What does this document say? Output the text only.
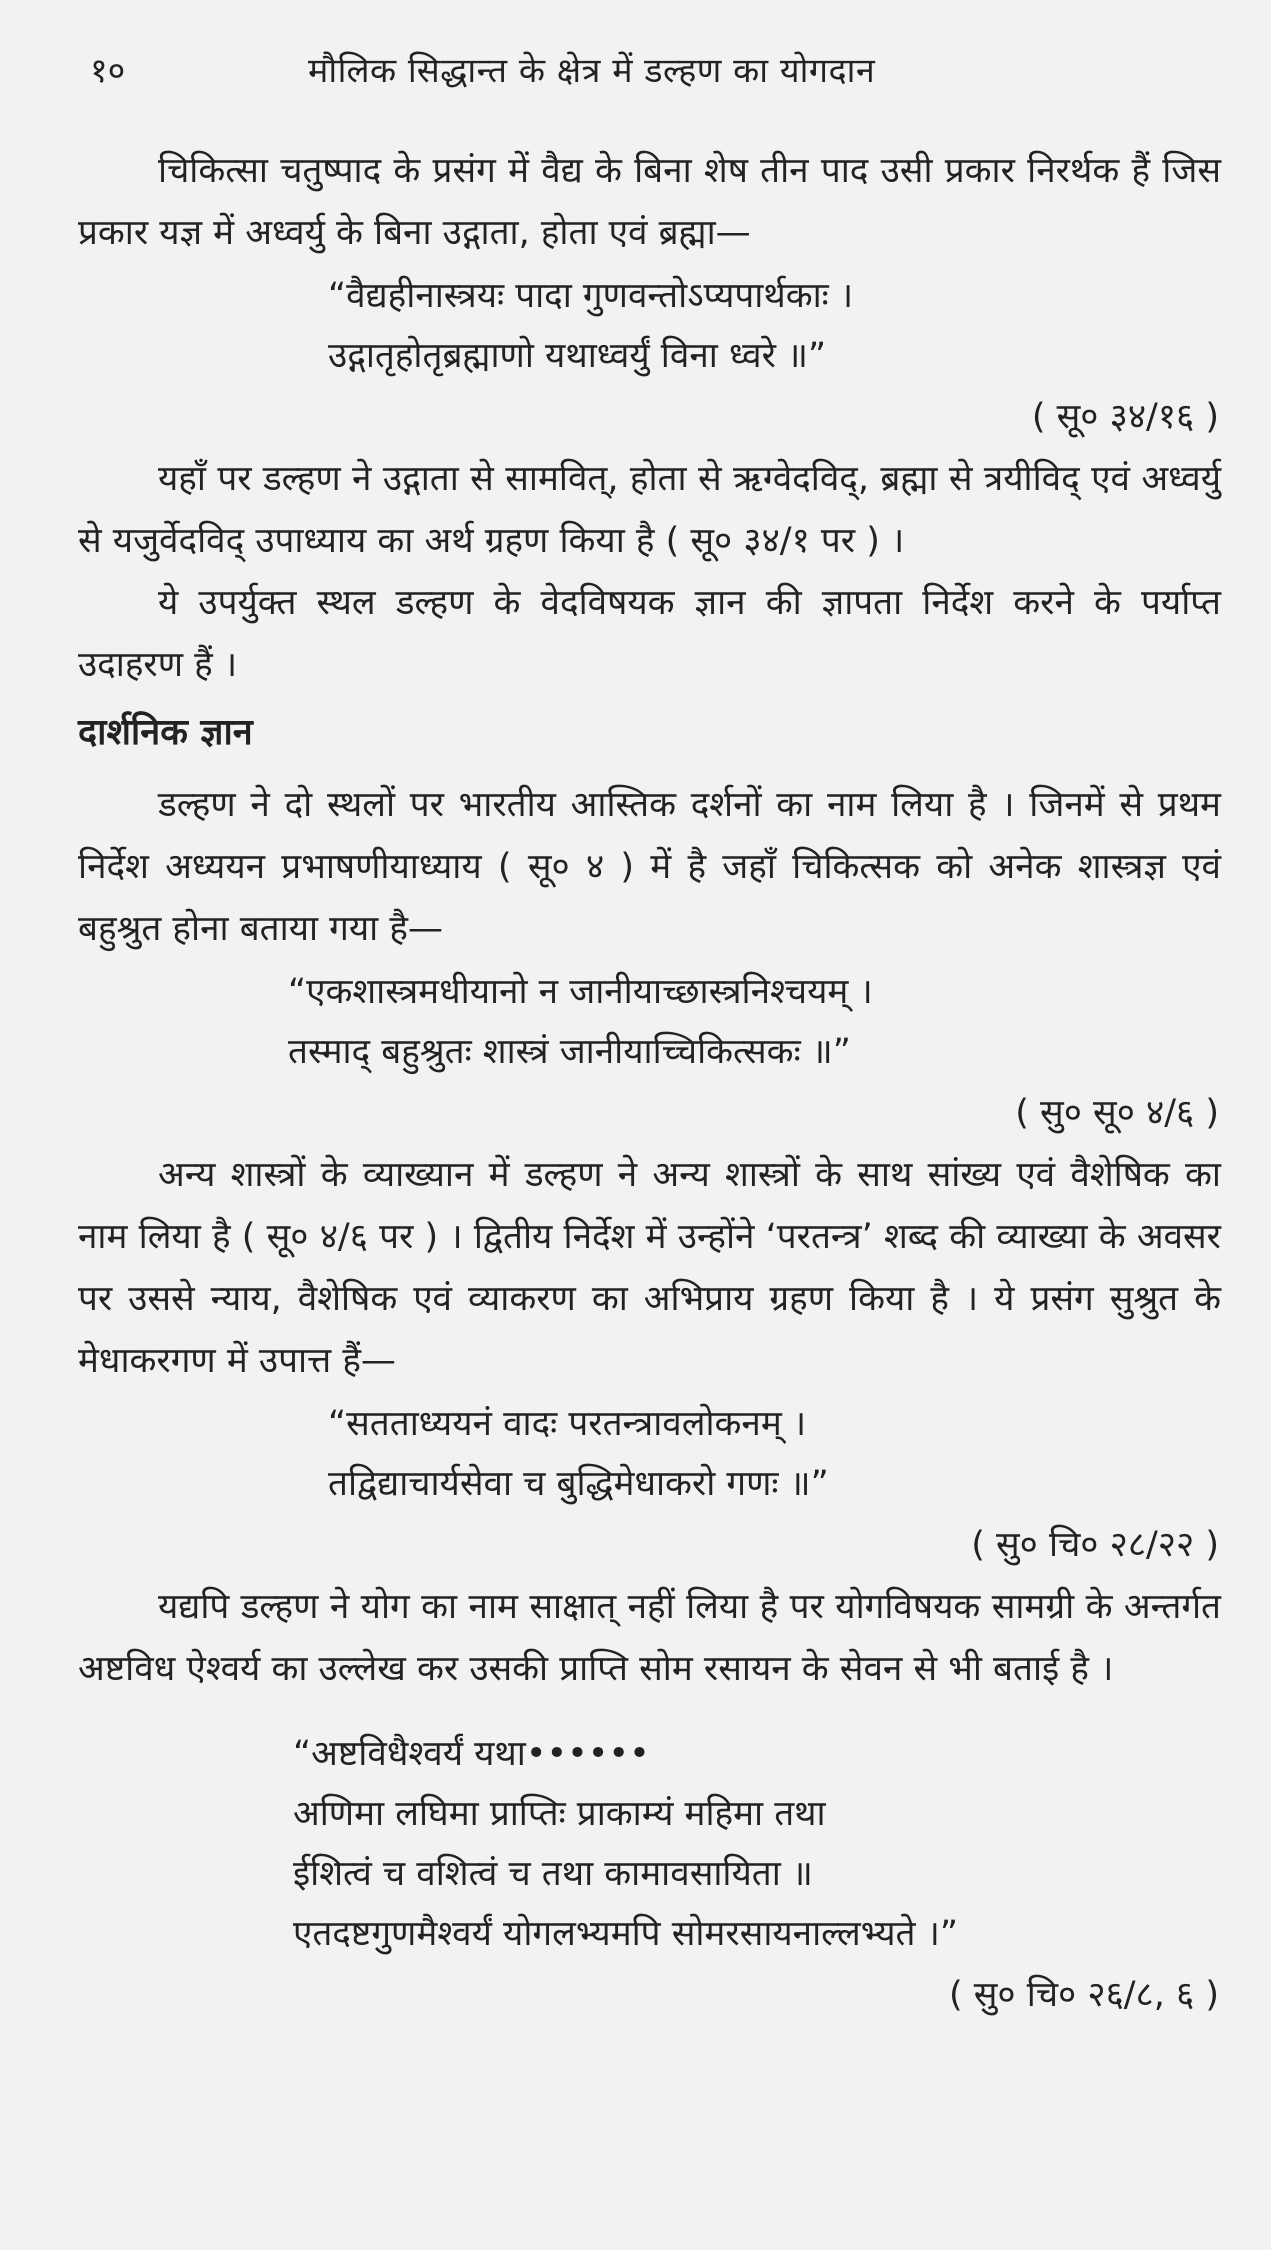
१०	मौलिक सिद्धान्त के क्षेत्र में डल्हण का योगदान

चिकित्सा चतुष्पाद के प्रसंग में वैद्य के बिना शेष तीन पाद उसी प्रकार निरर्थक हैं जिस प्रकार यज्ञ में अध्वर्यु के बिना उद्गाता, होता एवं ब्रह्मा—

“वैद्यहीनास्त्रयः पादा गुणवन्तोऽप्यपार्थकाः ।
उद्गातृहोतृब्रह्माणो यथाध्वर्युं विना ध्वरे ॥”
( सू० ३४/१६ )

यहाँ पर डल्हण ने उद्गाता से सामवित्, होता से ऋग्वेदविद्, ब्रह्मा से त्रयीविद् एवं अध्वर्यु से यजुर्वेदविद् उपाध्याय का अर्थ ग्रहण किया है ( सू० ३४/१ पर ) ।

ये उपर्युक्त स्थल डल्हण के वेदविषयक ज्ञान की ज्ञापता निर्देश करने के पर्याप्त उदाहरण हैं ।

दार्शनिक ज्ञान

डल्हण ने दो स्थलों पर भारतीय आस्तिक दर्शनों का नाम लिया है । जिनमें से प्रथम निर्देश अध्ययन प्रभाषणीयाध्याय ( सू० ४ ) में है जहाँ चिकित्सक को अनेक शास्त्रज्ञ एवं बहुश्रुत होना बताया गया है—

“एकशास्त्रमधीयानो न जानीयाच्छास्त्रनिश्चयम् ।
तस्माद् बहुश्रुतः शास्त्रं जानीयाच्चिकित्सकः ॥”
( सु० सू० ४/६ )

अन्य शास्त्रों के व्याख्यान में डल्हण ने अन्य शास्त्रों के साथ सांख्य एवं वैशेषिक का नाम लिया है ( सू० ४/६ पर ) । द्वितीय निर्देश में उन्होंने ‘परतन्त्र’ शब्द की व्याख्या के अवसर पर उससे न्याय, वैशेषिक एवं व्याकरण का अभिप्राय ग्रहण किया है । ये प्रसंग सुश्रुत के मेधाकरगण में उपात्त हैं—

“सतताध्ययनं वादः परतन्त्रावलोकनम् ।
तद्विद्याचार्यसेवा च बुद्धिमेधाकरो गणः ॥”
( सु० चि० २८/२२ )

यद्यपि डल्हण ने योग का नाम साक्षात् नहीं लिया है पर योगविषयक सामग्री के अन्तर्गत अष्टविध ऐश्वर्य का उल्लेख कर उसकी प्राप्ति सोम रसायन के सेवन से भी बताई है ।

“अष्टविधैश्वर्यं यथा••••••
अणिमा लघिमा प्राप्तिः प्राकाम्यं महिमा तथा
ईशित्वं च वशित्वं च तथा कामावसायिता ॥
एतदष्टगुणमैश्वर्यं योगलभ्यमपि सोमरसायनाल्लभ्यते ।”
( सु० चि० २६/८, ६ )
